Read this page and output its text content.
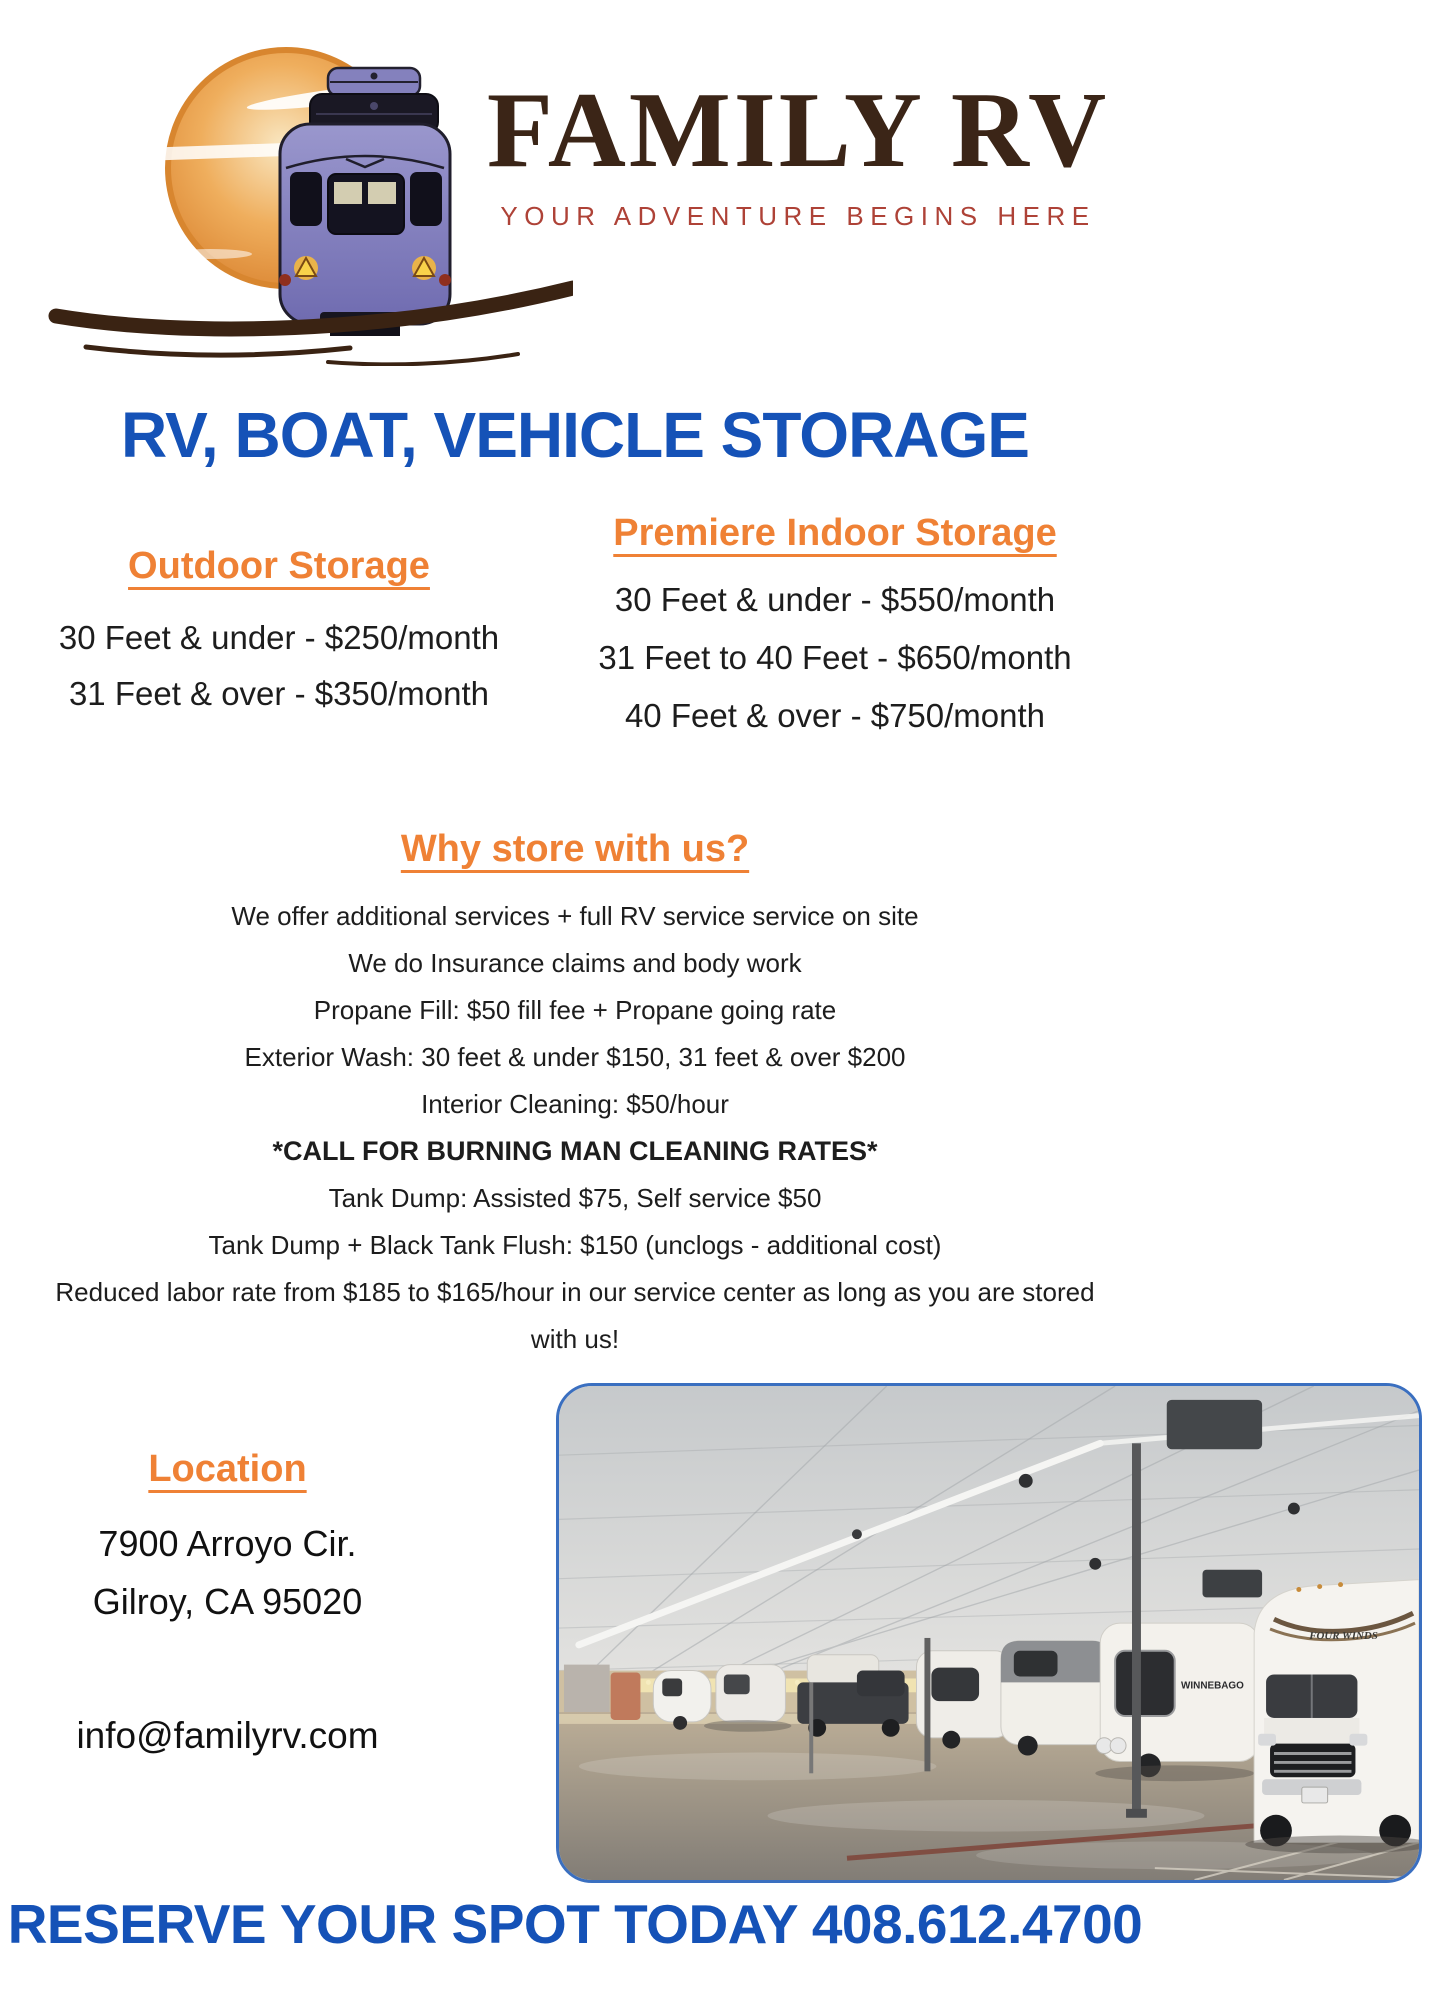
FAMILY RV
YOUR ADVENTURE BEGINS HERE
RV, BOAT, VEHICLE STORAGE
Outdoor Storage

30 Feet & under - $250/month

31 Feet & over - $350/month

Premiere Indoor Storage

30 Feet & under - $550/month

31 Feet to 40 Feet - $650/month

40 Feet & over - $750/month

Why store with us?

We offer additional services + full RV service service on site

We do Insurance claims and body work

Propane Fill: $50 fill fee + Propane going rate

Exterior Wash: 30 feet & under $150, 31 feet & over $200

Interior Cleaning: $50/hour

*CALL FOR BURNING MAN CLEANING RATES*

Tank Dump: Assisted $75, Self service $50

Tank Dump + Black Tank Flush: $150 (unclogs - additional cost)

Reduced labor rate from $185 to $165/hour in our service center as long as you are stored with us!

Location

7900 Arroyo Cir.

Gilroy, CA 95020

info@familyrv.com

WINNEBAGO
FOUR WINDS
RESERVE YOUR SPOT TODAY 408.612.4700
